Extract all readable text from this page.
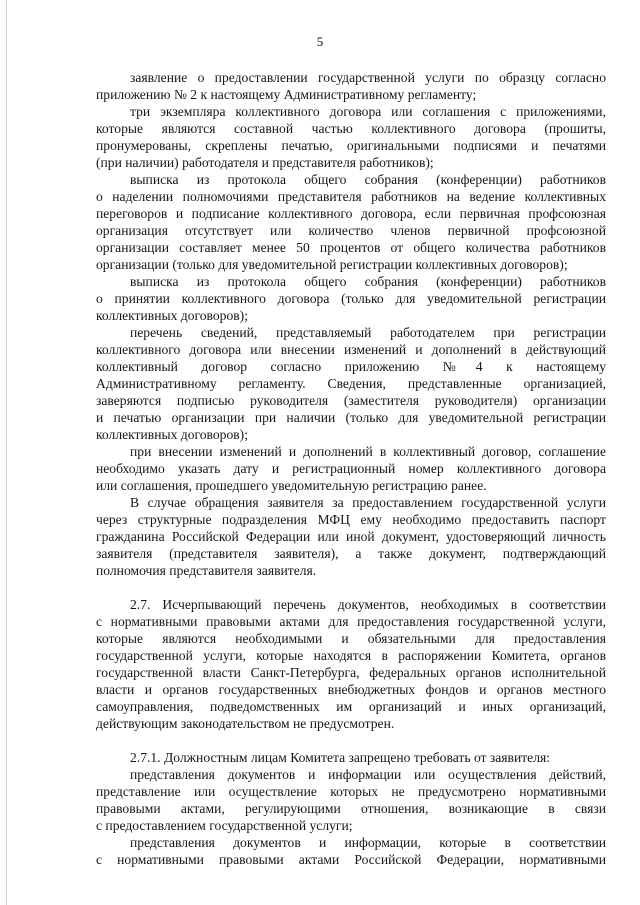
5
заявление о предоставлении государственной услуги по образцу согласно
приложению № 2 к настоящему Административному регламенту;
три экземпляра коллективного договора или соглашения с приложениями,
которые являются составной частью коллективного договора (прошиты,
пронумерованы, скреплены печатью, оригинальными подписями и печатями
(при наличии) работодателя и представителя работников);
выписка из протокола общего собрания (конференции) работников
о наделении полномочиями представителя работников на ведение коллективных
переговоров и подписание коллективного договора, если первичная профсоюзная
организация отсутствует или количество членов первичной профсоюзной
организации составляет менее 50 процентов от общего количества работников
организации (только для уведомительной регистрации коллективных договоров);
выписка из протокола общего собрания (конференции) работников
о принятии коллективного договора (только для уведомительной регистрации
коллективных договоров);
перечень сведений, представляемый работодателем при регистрации
коллективного договора или внесении изменений и дополнений в действующий
коллективный договор согласно приложению №4 к настоящему
Административному регламенту. Сведения, представленные организацией,
заверяются подписью руководителя (заместителя руководителя) организации
и печатью организации при наличии (только для уведомительной регистрации
коллективных договоров);
при внесении изменений и дополнений в коллективный договор, соглашение
необходимо указать дату и регистрационный номер коллективного договора
или соглашения, прошедшего уведомительную регистрацию ранее.
В случае обращения заявителя за предоставлением государственной услуги
через структурные подразделения МФЦ ему необходимо предоставить паспорт
гражданина Российской Федерации или иной документ, удостоверяющий личность
заявителя (представителя заявителя), а также документ, подтверждающий
полномочия представителя заявителя.
2.7. Исчерпывающий перечень документов, необходимых в соответствии
с нормативными правовыми актами для предоставления государственной услуги,
которые являются необходимыми и обязательными для предоставления
государственной услуги, которые находятся в распоряжении Комитета, органов
государственной власти Санкт-Петербурга, федеральных органов исполнительной
власти и органов государственных внебюджетных фондов и органов местного
самоуправления, подведомственных им организаций и иных организаций,
действующим законодательством не предусмотрен.
2.7.1. Должностным лицам Комитета запрещено требовать от заявителя:
представления документов и информации или осуществления действий,
представление или осуществление которых не предусмотрено нормативными
правовыми актами, регулирующими отношения, возникающие в связи
с предоставлением государственной услуги;
представления документов и информации, которые в соответствии
с нормативными правовыми актами Российской Федерации, нормативными
